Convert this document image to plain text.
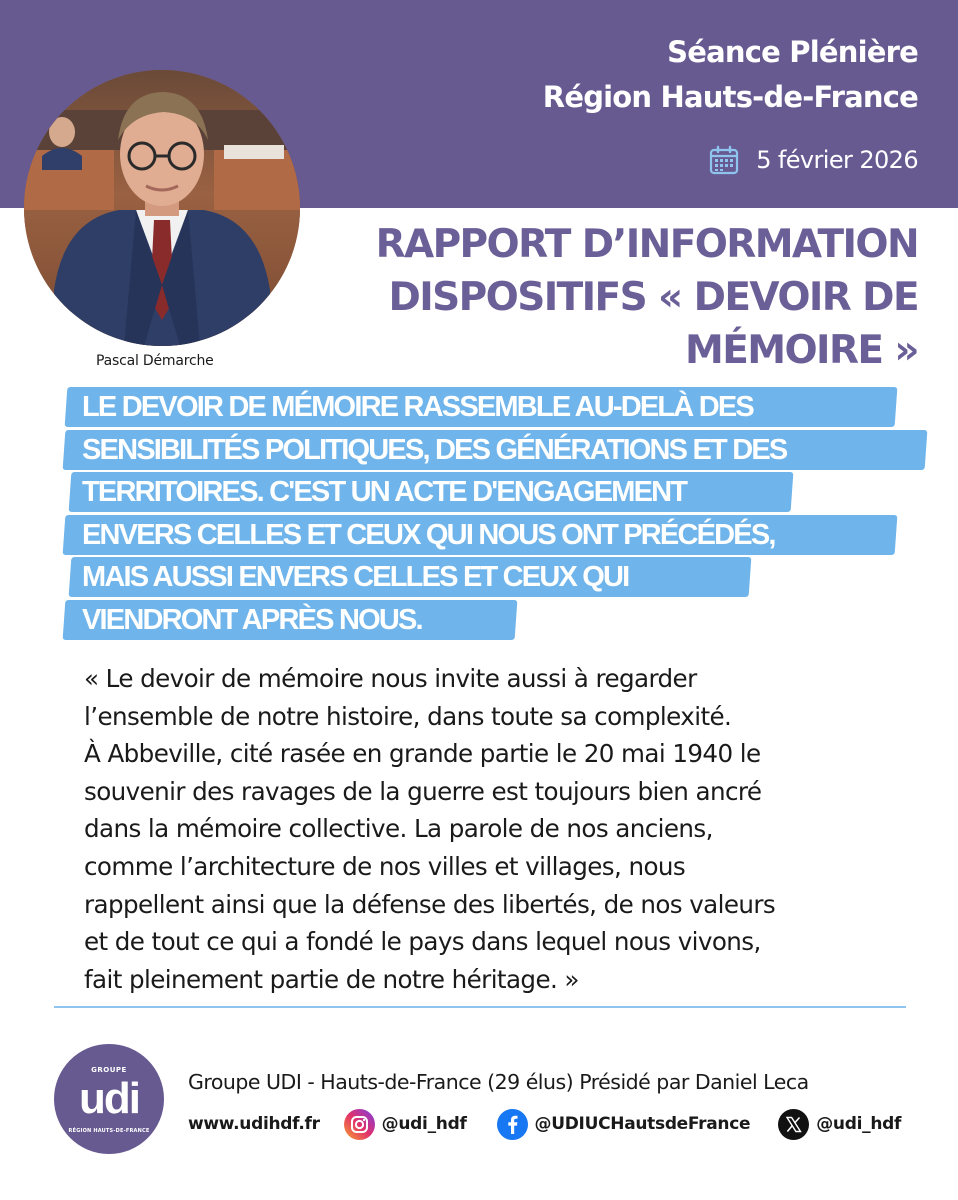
Séance Plénière
Région Hauts-de-France
5 février 2026
Pascal Démarche
RAPPORT D’INFORMATION
DISPOSITIFS « DEVOIR DE
MÉMOIRE »
LE DEVOIR DE MÉMOIRE RASSEMBLE AU-DELÀ DES
SENSIBILITÉS POLITIQUES, DES GÉNÉRATIONS ET DES
TERRITOIRES. C'EST UN ACTE D'ENGAGEMENT
ENVERS CELLES ET CEUX QUI NOUS ONT PRÉCÉDÉS,
MAIS AUSSI ENVERS CELLES ET CEUX QUI
VIENDRONT APRÈS NOUS.
« Le devoir de mémoire nous invite aussi à regarder
l’ensemble de notre histoire, dans toute sa complexité.
À Abbeville, cité rasée en grande partie le 20 mai 1940 le
souvenir des ravages de la guerre est toujours bien ancré
dans la mémoire collective. La parole de nos anciens,
comme l’architecture de nos villes et villages, nous
rappellent ainsi que la défense des libertés, de nos valeurs
et de tout ce qui a fondé le pays dans lequel nous vivons,
fait pleinement partie de notre héritage. »
GROUPE
udi
RÉGION HAUTS-DE-FRANCE
Groupe UDI - Hauts-de-France (29 élus) Présidé par Daniel Leca
www.udihdf.fr	@udi_hdf	@UDIUCHautsdeFrance	@udi_hdf
